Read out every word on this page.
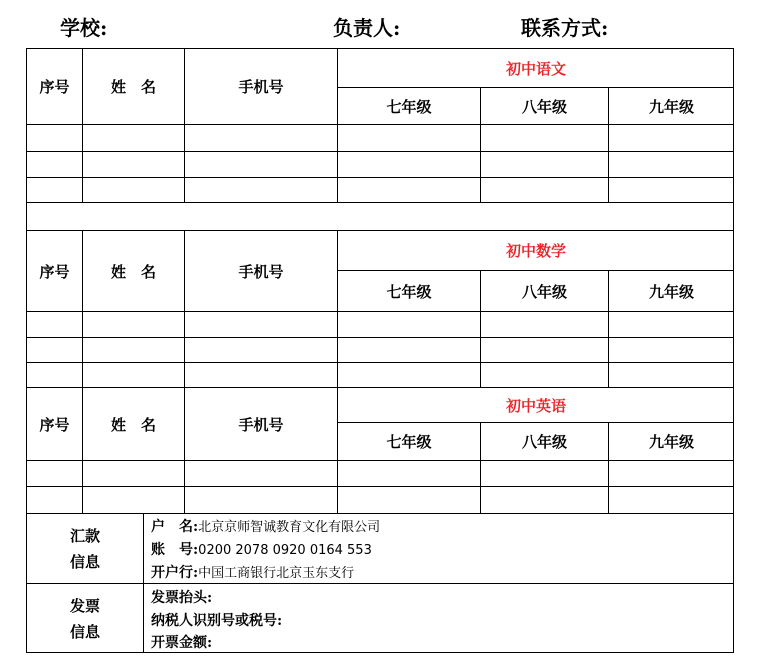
学校:	负责人:	联系方式:
序号	姓　名	手机号
初中语文
七年级	八年级	九年级
序号	姓　名	手机号
初中数学
七年级	八年级	九年级
序号	姓　名	手机号
初中英语
七年级	八年级	九年级
汇款
信息
户　名:北京京师智诚教育文化有限公司
账　号:0200 2078 0920 0164 553
开户行:中国工商银行北京玉东支行
发票
信息
发票抬头:
纳税人识别号或税号:
开票金额:
